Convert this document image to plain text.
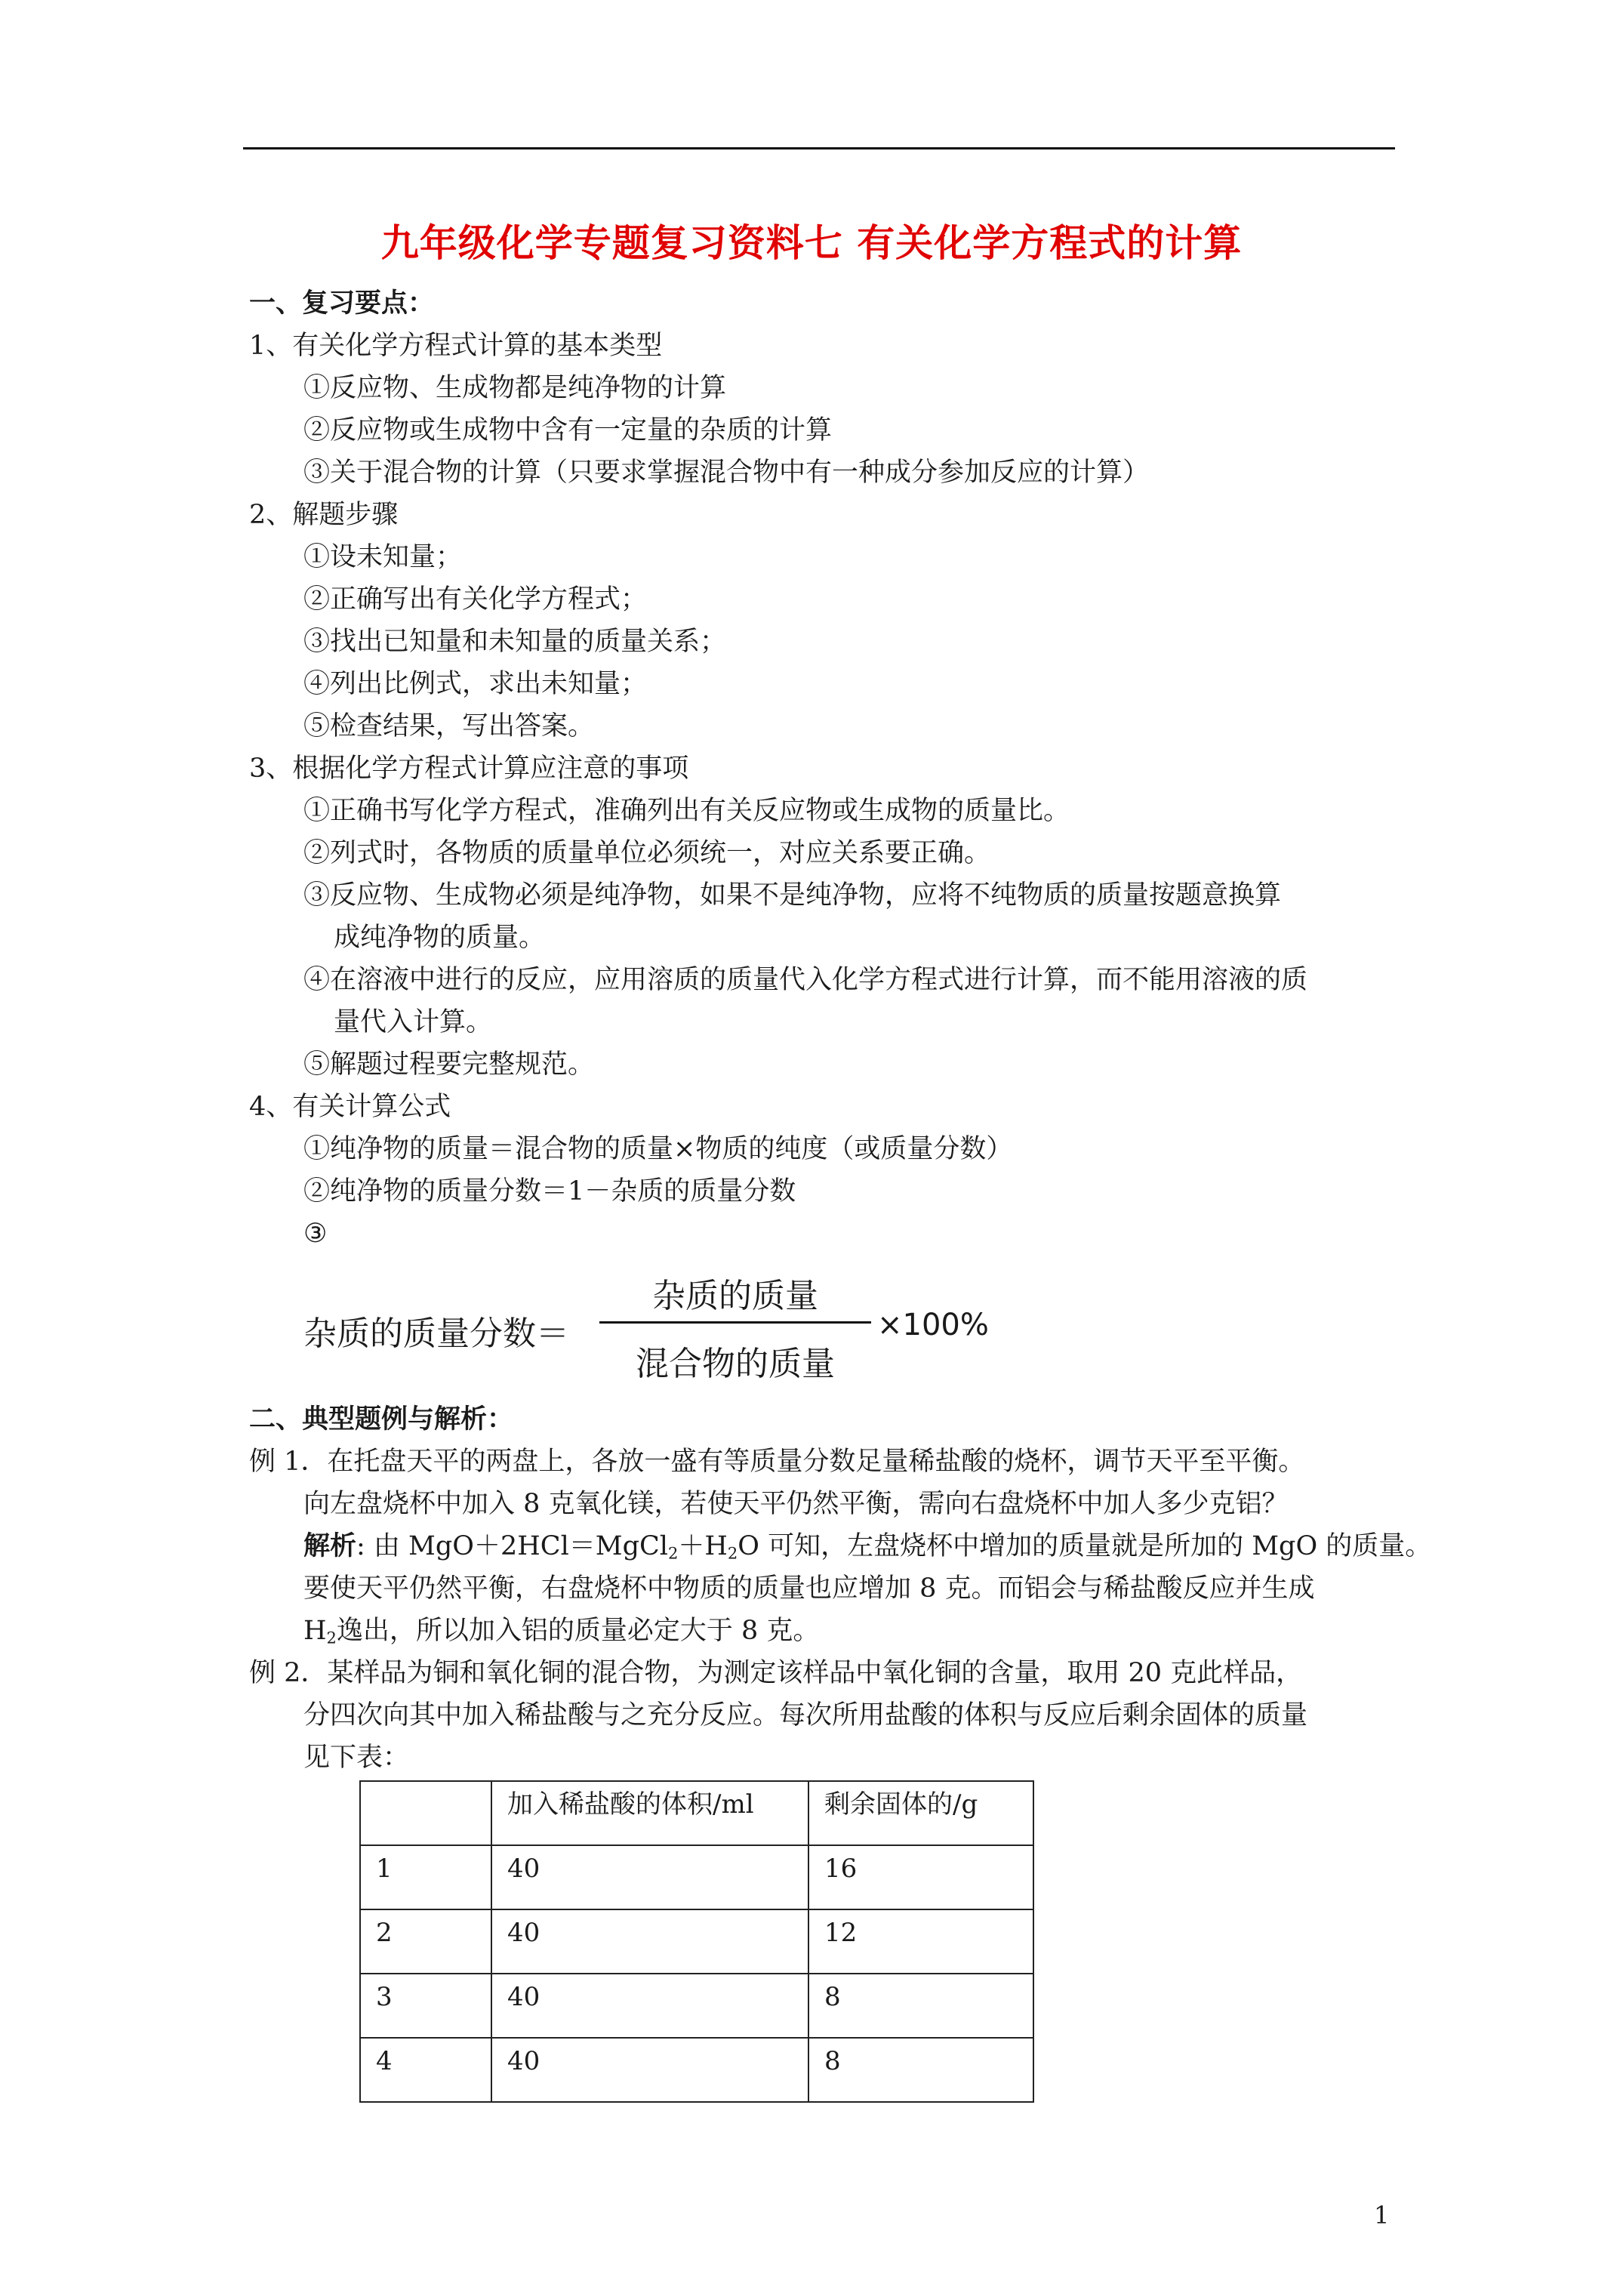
九年级化学专题复习资料七 有关化学方程式的计算
一、复习要点：
1、有关化学方程式计算的基本类型
①反应物、生成物都是纯净物的计算
②反应物或生成物中含有一定量的杂质的计算
③关于混合物的计算（只要求掌握混合物中有一种成分参加反应的计算）
2、解题步骤
①设未知量；
②正确写出有关化学方程式；
③找出已知量和未知量的质量关系；
④列出比例式，求出未知量；
⑤检查结果，写出答案。
3、根据化学方程式计算应注意的事项
①正确书写化学方程式，准确列出有关反应物或生成物的质量比。
②列式时，各物质的质量单位必须统一，对应关系要正确。
③反应物、生成物必须是纯净物，如果不是纯净物，应将不纯物质的质量按题意换算
成纯净物的质量。
④在溶液中进行的反应，应用溶质的质量代入化学方程式进行计算，而不能用溶液的质
量代入计算。
⑤解题过程要完整规范。
4、有关计算公式
①纯净物的质量＝混合物的质量×物质的纯度（或质量分数）
②纯净物的质量分数＝1－杂质的质量分数
③
杂质的质量分数＝
杂质的质量
混合物的质量
×100%
二、典型题例与解析：
例 1．在托盘天平的两盘上，各放一盛有等质量分数足量稀盐酸的烧杯，调节天平至平衡。
向左盘烧杯中加入 8 克氧化镁，若使天平仍然平衡，需向右盘烧杯中加人多少克铝？
解析: 由 $MgO+2HCl=MgCl_2+H_2O$ 可知，左盘烧杯中增加的质量就是所加的 MgO 的质量。
要使天平仍然平衡，右盘烧杯中物质的质量也应增加 8 克。而铝会与稀盐酸反应并生成
$H_2$逸出，所以加入铝的质量必定大于 8 克。
例 2．某样品为铜和氧化铜的混合物，为测定该样品中氧化铜的含量，取用 20 克此样品，
分四次向其中加入稀盐酸与之充分反应。每次所用盐酸的体积与反应后剩余固体的质量
见下表：
	加入稀盐酸的体积/ml	剩余固体的/g
1	40	16
2	40	12
3	40	8
4	40	8
1
